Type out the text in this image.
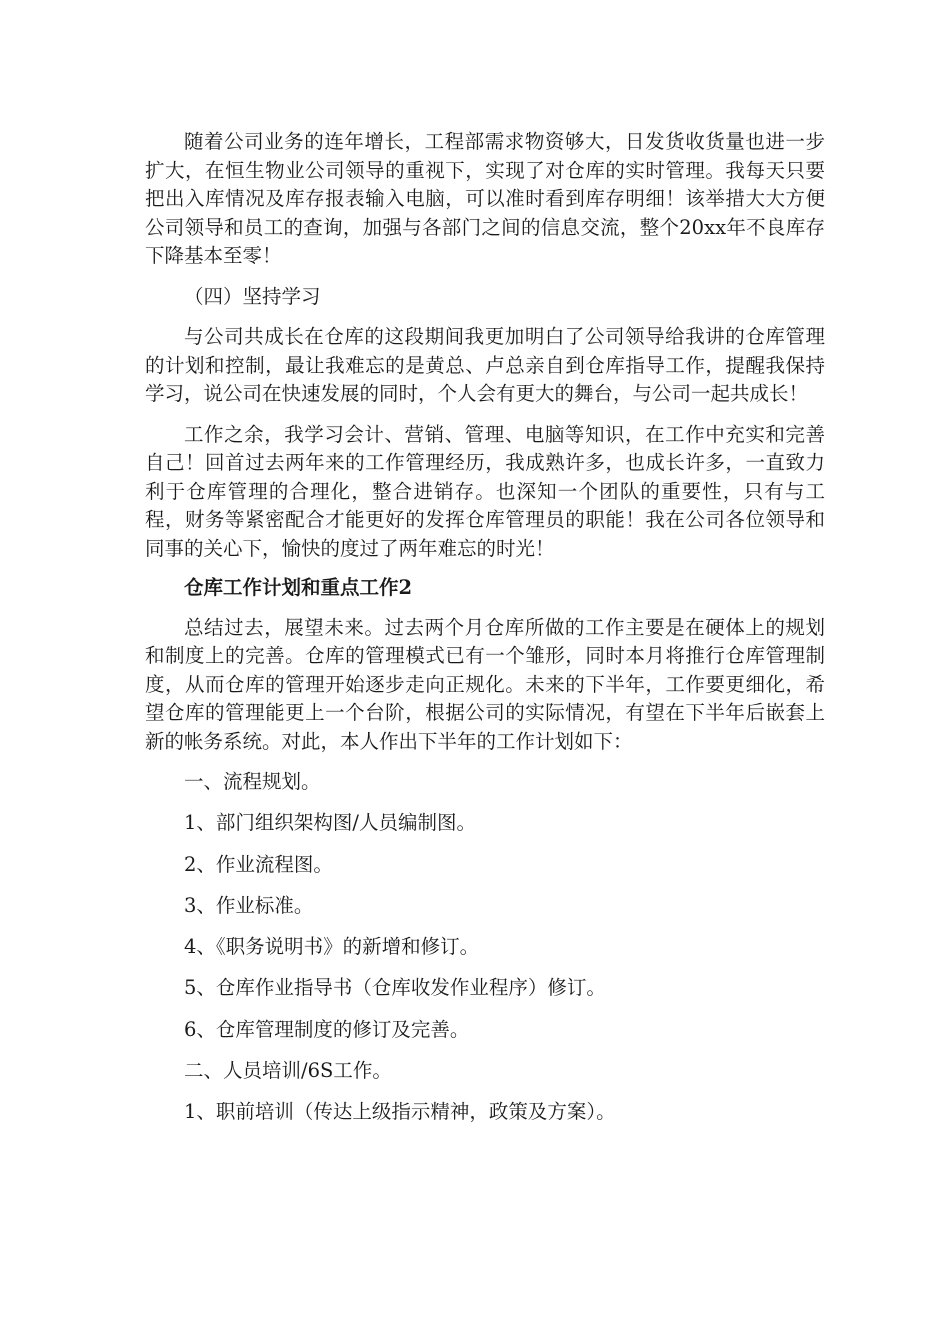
随着公司业务的连年增长，工程部需求物资够大，日发货收货量也进一步扩大，在恒生物业公司领导的重视下，实现了对仓库的实时管理。我每天只要把出入库情况及库存报表输入电脑，可以准时看到库存明细！该举措大大方便公司领导和员工的查询，加强与各部门之间的信息交流，整个20xx年不良库存下降基本至零！

（四）坚持学习

与公司共成长在仓库的这段期间我更加明白了公司领导给我讲的仓库管理的计划和控制，最让我难忘的是黄总、卢总亲自到仓库指导工作，提醒我保持学习，说公司在快速发展的同时，个人会有更大的舞台，与公司一起共成长！

工作之余，我学习会计、营销、管理、电脑等知识，在工作中充实和完善自己！回首过去两年来的工作管理经历，我成熟许多，也成长许多，一直致力利于仓库管理的合理化，整合进销存。也深知一个团队的重要性，只有与工程，财务等紧密配合才能更好的发挥仓库管理员的职能！我在公司各位领导和同事的关心下，愉快的度过了两年难忘的时光！

仓库工作计划和重点工作2

总结过去，展望未来。过去两个月仓库所做的工作主要是在硬体上的规划和制度上的完善。仓库的管理模式已有一个雏形，同时本月将推行仓库管理制度，从而仓库的管理开始逐步走向正规化。未来的下半年，工作要更细化，希望仓库的管理能更上一个台阶，根据公司的实际情况，有望在下半年后嵌套上新的帐务系统。对此，本人作出下半年的工作计划如下：

一、流程规划。

1、部门组织架构图/人员编制图。

2、作业流程图。

3、作业标准。

4、《职务说明书》的新增和修订。

5、仓库作业指导书（仓库收发作业程序）修订。

6、仓库管理制度的修订及完善。

二、人员培训/6S工作。

1、职前培训（传达上级指示精神，政策及方案）。
